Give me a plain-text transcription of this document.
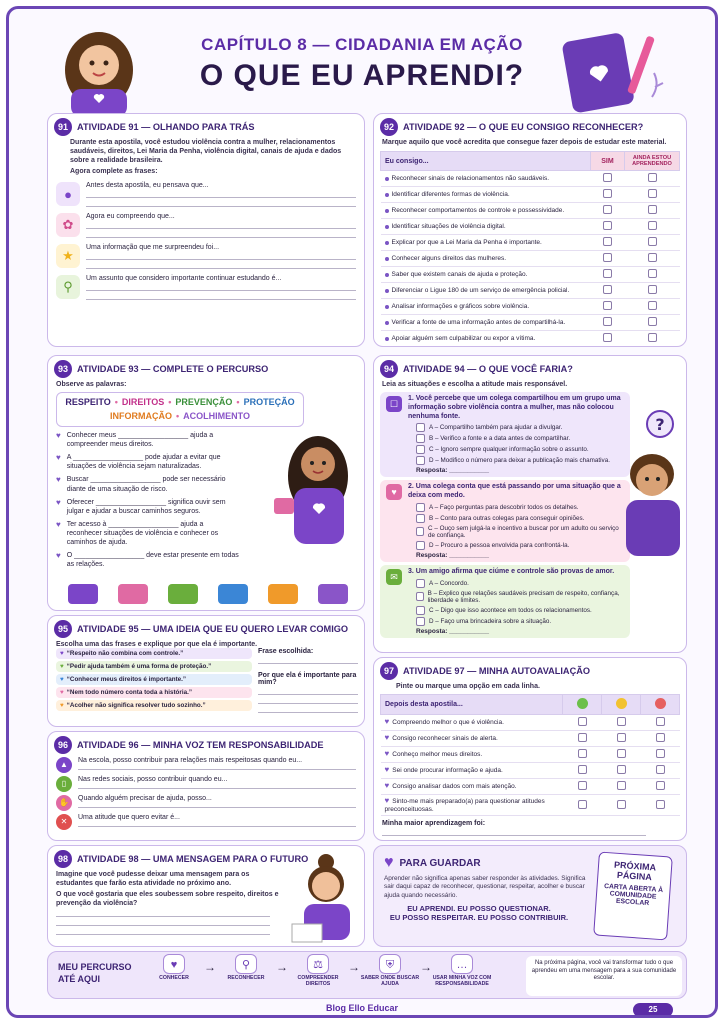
CAPÍTULO 8 — CIDADANIA EM AÇÃO
O QUE EU APRENDI?
91 ATIVIDADE 91 — OLHANDO PARA TRÁS
Durante esta apostila, você estudou violência contra a mulher, relacionamentos saudáveis, direitos, Lei Maria da Penha, violência digital, canais de ajuda e dados sobre a realidade brasileira.
Agora complete as frases:
●
Antes desta apostila, eu pensava que...
✿
Agora eu compreendo que...
★
Uma informação que me surpreendeu foi...
⚲
Um assunto que considero importante continuar estudando é...
92 ATIVIDADE 92 — O QUE EU CONSIGO RECONHECER?
Marque aquilo que você acredita que consegue fazer depois de estudar este material.
Eu consigo...	SIM	AINDA ESTOU APRENDENDO
Reconhecer sinais de relacionamentos não saudáveis.		
Identificar diferentes formas de violência.		
Reconhecer comportamentos de controle e possessividade.		
Identificar situações de violência digital.		
Explicar por que a Lei Maria da Penha é importante.		
Conhecer alguns direitos das mulheres.		
Saber que existem canais de ajuda e proteção.		
Diferenciar o Ligue 180 de um serviço de emergência policial.		
Analisar informações e gráficos sobre violência.		
Verificar a fonte de uma informação antes de compartilhá-la.		
Apoiar alguém sem culpabilizar ou expor a vítima.		
93 ATIVIDADE 93 — COMPLETE O PERCURSO
Observe as palavras:
RESPEITO • DIREITOS • PREVENÇÃO • PROTEÇÃO
INFORMAÇÃO • ACOLHIMENTO
♥ Conhecer meus __________________ ajuda a compreender meus direitos.
♥ A __________________ pode ajudar a evitar que situações de violência sejam naturalizadas.
♥ Buscar __________________ pode ser necessário diante de uma situação de risco.
♥ Oferecer __________________ significa ouvir sem julgar e ajudar a buscar caminhos seguros.
♥ Ter acesso à __________________ ajuda a reconhecer situações de violência e conhecer os caminhos de ajuda.
♥ O __________________ deve estar presente em todas as relações.
94 ATIVIDADE 94 — O QUE VOCÊ FARIA?
Leia as situações e escolha a atitude mais responsável.
☐
1. Você percebe que um colega compartilhou em um grupo uma informação sobre violência contra a mulher, mas não colocou nenhuma fonte.
A – Compartilho também para ajudar a divulgar.
B – Verifico a fonte e a data antes de compartilhar.
C – Ignoro sempre qualquer informação sobre o assunto.
D – Modifico o número para deixar a publicação mais chamativa.
Resposta: ___________
♥
2. Uma colega conta que está passando por uma situação que a deixa com medo.
A – Faço perguntas para descobrir todos os detalhes.
B – Conto para outras colegas para conseguir opiniões.
C – Ouço sem julgá-la e incentivo a buscar por um adulto ou serviço de confiança.
D – Procuro a pessoa envolvida para confrontá-la.
Resposta: ___________
✉
3. Um amigo afirma que ciúme e controle são provas de amor.
A – Concordo.
B – Explico que relações saudáveis precisam de respeito, confiança, liberdade e limites.
C – Digo que isso acontece em todos os relacionamentos.
D – Faço uma brincadeira sobre a situação.
Resposta: ___________
?
95 ATIVIDADE 95 — UMA IDEIA QUE EU QUERO LEVAR COMIGO
Escolha uma das frases e explique por que ela é importante.
♥ “Respeito não combina com controle.”
♥ “Pedir ajuda também é uma forma de proteção.”
♥ “Conhecer meus direitos é importante.”
♥ “Nem todo número conta toda a história.”
♥ “Acolher não significa resolver tudo sozinho.”
Frase escolhida:
Por que ela é importante para mim?
96 ATIVIDADE 96 — MINHA VOZ TEM RESPONSABILIDADE
▲	Na escola, posso contribuir para relações mais respeitosas quando eu...
▯	Nas redes sociais, posso contribuir quando eu...
✋	Quando alguém precisar de ajuda, posso...
✕	Uma atitude que quero evitar é...
97 ATIVIDADE 97 — MINHA AUTOAVALIAÇÃO
Pinte ou marque uma opção em cada linha.
Depois desta apostila...			
♥ Compreendo melhor o que é violência.			
♥ Consigo reconhecer sinais de alerta.			
♥ Conheço melhor meus direitos.			
♥ Sei onde procurar informação e ajuda.			
♥ Consigo analisar dados com mais atenção.			
♥ Sinto-me mais preparado(a) para questionar atitudes preconceituosas.			
Minha maior aprendizagem foi:
98 ATIVIDADE 98 — UMA MENSAGEM PARA O FUTURO
Imagine que você pudesse deixar uma mensagem para os estudantes que farão esta atividade no próximo ano.
O que você gostaria que eles soubessem sobre respeito, direitos e prevenção da violência?
♥ PARA GUARDAR
Aprender não significa apenas saber responder às atividades. Significa sair daqui capaz de reconhecer, questionar, respeitar, acolher e buscar ajuda quando necessário.
EU APRENDI. EU POSSO QUESTIONAR.
EU POSSO RESPEITAR. EU POSSO CONTRIBUIR.
PRÓXIMA PÁGINA
CARTA ABERTA À COMUNIDADE ESCOLAR
MEU PERCURSO ATÉ AQUI
♥
CONHECER
→	⚲
RECONHECER
→	⚖
COMPREENDER DIREITOS
→	⛨
SABER ONDE BUSCAR AJUDA
→	…
USAR MINHA VOZ COM RESPONSABILIDADE
Na próxima página, você vai transformar tudo o que aprendeu em uma mensagem para a sua comunidade escolar.
Blog Ello Educar	25
